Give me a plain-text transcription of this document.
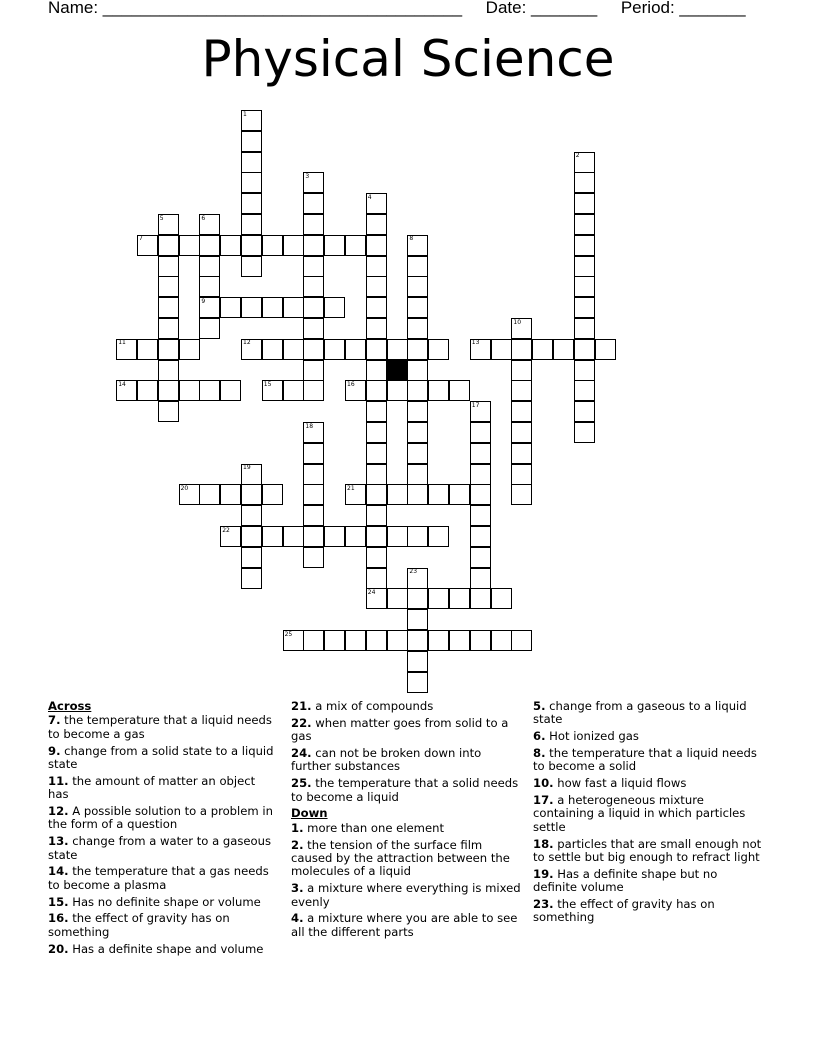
Name: ______________________________________     Date: _______     Period: _______
Physical Science
1
2
3
4
5	6
7	8
9
10
11	12	13
14	15	16
17
18
19
20	21
22
23
24
25
Across
7. the temperature that a liquid needs to become a gas
9. change from a solid state to a liquid state
11. the amount of matter an object has
12. A possible solution to a problem in the form of a question
13. change from a water to a gaseous state
14. the temperature that a gas needs to become a plasma
15. Has no definite shape or volume
16. the effect of gravity has on something
20. Has a definite shape and volume
21. a mix of compounds
22. when matter goes from solid to a gas
24. can not be broken down into further substances
25. the temperature that a solid needs to become a liquid
Down
1. more than one element
2. the tension of the surface film caused by the attraction between the molecules of a liquid
3. a mixture where everything is mixed evenly
4. a mixture where you are able to see all the different parts
5. change from a gaseous to a liquid state
6. Hot ionized gas
8. the temperature that a liquid needs to become a solid
10. how fast a liquid flows
17. a heterogeneous mixture containing a liquid in which particles settle
18. particles that are small enough not to settle but big enough to refract light
19. Has a definite shape but no definite volume
23. the effect of gravity has on something
